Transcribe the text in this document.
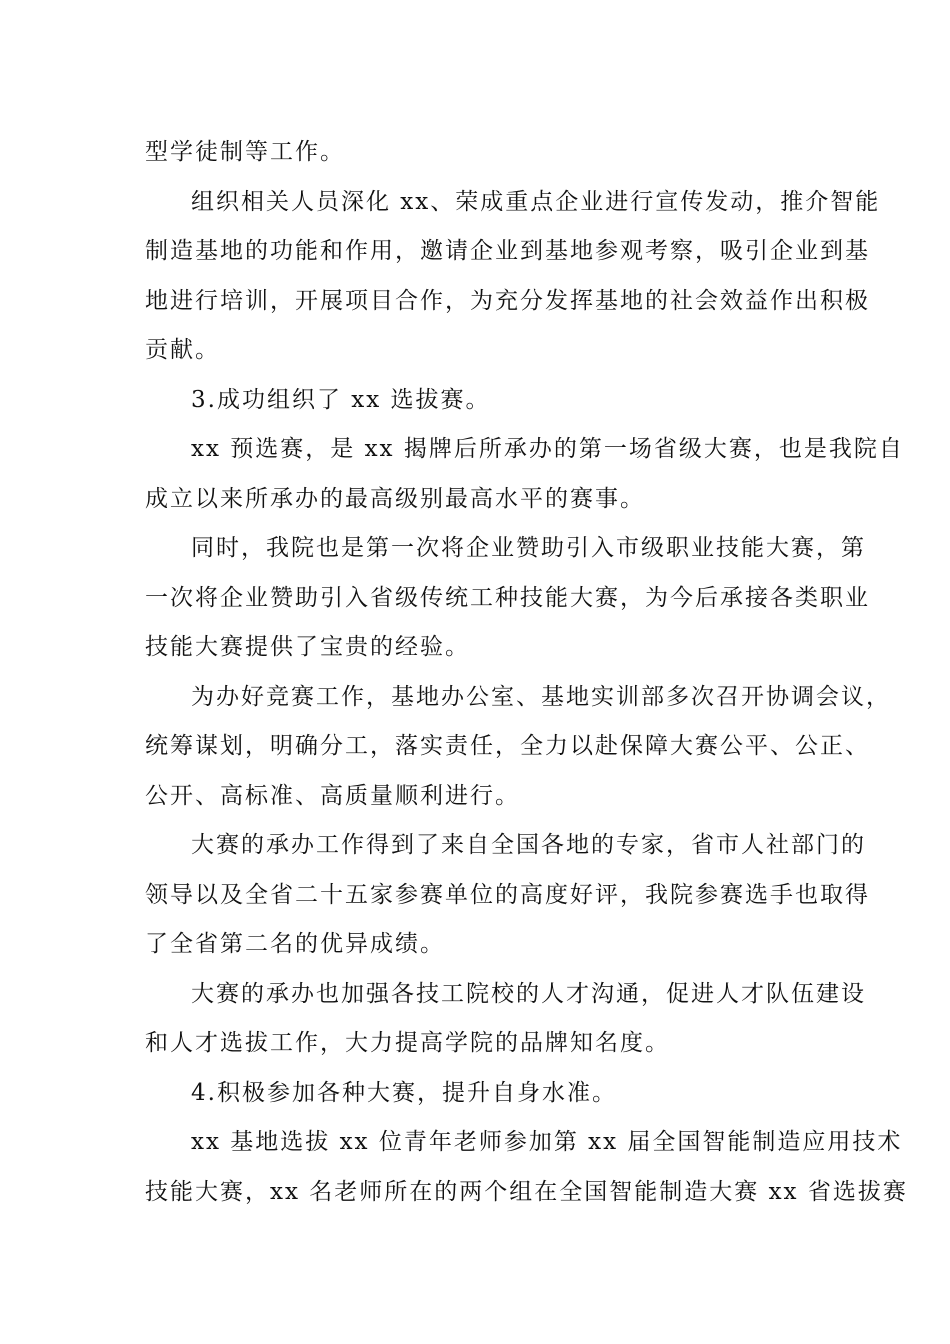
型学徒制等工作。
组织相关人员深化 xx、荣成重点企业进行宣传发动，推介智能
制造基地的功能和作用，邀请企业到基地参观考察，吸引企业到基
地进行培训，开展项目合作，为充分发挥基地的社会效益作出积极
贡献。
3.成功组织了 xx 选拔赛。
xx 预选赛，是 xx 揭牌后所承办的第一场省级大赛，也是我院自
成立以来所承办的最高级别最高水平的赛事。
同时，我院也是第一次将企业赞助引入市级职业技能大赛，第
一次将企业赞助引入省级传统工种技能大赛，为今后承接各类职业
技能大赛提供了宝贵的经验。
为办好竞赛工作，基地办公室、基地实训部多次召开协调会议，
统筹谋划，明确分工，落实责任，全力以赴保障大赛公平、公正、
公开、高标准、高质量顺利进行。
大赛的承办工作得到了来自全国各地的专家，省市人社部门的
领导以及全省二十五家参赛单位的高度好评，我院参赛选手也取得
了全省第二名的优异成绩。
大赛的承办也加强各技工院校的人才沟通，促进人才队伍建设
和人才选拔工作，大力提高学院的品牌知名度。
4.积极参加各种大赛，提升自身水准。
xx 基地选拔 xx 位青年老师参加第 xx 届全国智能制造应用技术
技能大赛，xx 名老师所在的两个组在全国智能制造大赛 xx 省选拔赛
